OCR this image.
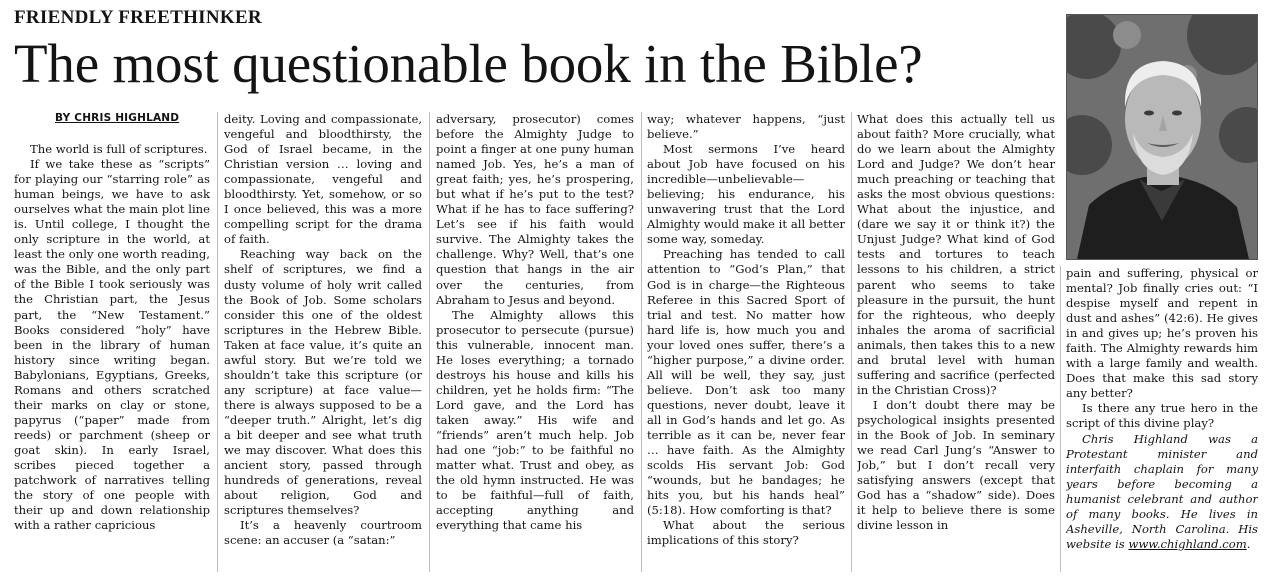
FRIENDLY FREETHINKER
The most questionable book in the Bible?
BY CHRIS HIGHLAND

The world is full of scriptures.

If we take these as “scripts” for playing our “starring role” as human beings, we have to ask ourselves what the main plot line is. Until college, I thought the only scripture in the world, at least the only one worth reading, was the Bible, and the only part of the Bible I took seriously was the Christian part, the Jesus part, the “New Testament.” Books considered “holy” have been in the library of human history since writing began. Babylonians, Egyptians, Greeks, Romans and others scratched their marks on clay or stone, papyrus (“paper” made from reeds) or parchment (sheep or goat skin). In early Israel, scribes pieced together a patchwork of narratives telling the story of one people with their up and down relationship with a rather capricious

deity. Loving and compassionate, vengeful and bloodthirsty, the God of Israel became, in the Christian version … loving and compassionate, vengeful and bloodthirsty. Yet, somehow, or so I once believed, this was a more compelling script for the drama of faith.

Reaching way back on the shelf of scriptures, we find a dusty volume of holy writ called the Book of Job. Some scholars consider this one of the oldest scriptures in the Hebrew Bible. Taken at face value, it’s quite an awful story. But we’re told we shouldn’t take this scripture (or any scripture) at face value—there is always supposed to be a “deeper truth.” Alright, let’s dig a bit deeper and see what truth we may discover. What does this ancient story, passed through hundreds of generations, reveal about religion, God and scriptures themselves?

It’s a heavenly courtroom scene: an accuser (a “satan:”

adversary, prosecutor) comes before the Almighty Judge to point a finger at one puny human named Job. Yes, he’s a man of great faith; yes, he’s prospering, but what if he’s put to the test? What if he has to face suffering? Let’s see if his faith would survive. The Almighty takes the challenge. Why? Well, that’s one question that hangs in the air over the centuries, from Abraham to Jesus and beyond.

The Almighty allows this prosecutor to persecute (pursue) this vulnerable, innocent man. He loses everything; a tornado destroys his house and kills his children, yet he holds firm: “The Lord gave, and the Lord has taken away.” His wife and “friends” aren’t much help. Job had one “job:” to be faithful no matter what. Trust and obey, as the old hymn instructed. He was to be faithful—full of faith, accepting anything and everything that came his

way; whatever happens, “just believe.”

Most sermons I’ve heard about Job have focused on his incredible—unbelievable—believing; his endurance, his unwavering trust that the Lord Almighty would make it all better some way, someday.

Preaching has tended to call attention to “God’s Plan,” that God is in charge—the Righteous Referee in this Sacred Sport of trial and test. No matter how hard life is, how much you and your loved ones suffer, there’s a “higher purpose,” a divine order. All will be well, they say, just believe. Don’t ask too many questions, never doubt, leave it all in God’s hands and let go. As terrible as it can be, never fear … have faith. As the Almighty scolds His servant Job: God “wounds, but he bandages; he hits you, but his hands heal” (5:18). How comforting is that?

What about the serious implications of this story?

What does this actually tell us about faith? More crucially, what do we learn about the Almighty Lord and Judge? We don’t hear much preaching or teaching that asks the most obvious questions: What about the injustice, and (dare we say it or think it?) the Unjust Judge? What kind of God tests and tortures to teach lessons to his children, a strict parent who seems to take pleasure in the pursuit, the hunt for the righteous, who deeply inhales the aroma of sacrificial animals, then takes this to a new and brutal level with human suffering and sacrifice (perfected in the Christian Cross)?

I don’t doubt there may be psychological insights presented in the Book of Job. In seminary we read Carl Jung’s “Answer to Job,” but I don’t recall very satisfying answers (except that God has a “shadow” side). Does it help to believe there is some divine lesson in

pain and suffering, physical or mental? Job finally cries out: “I despise myself and repent in dust and ashes” (42:6). He gives in and gives up; he’s proven his faith. The Almighty rewards him with a large family and wealth. Does that make this sad story any better?

Is there any true hero in the script of this divine play?

Chris Highland was a Protestant minister and interfaith chaplain for many years before becoming a humanist celebrant and author of many books. He lives in Asheville, North Carolina. His website is www.chighland.com.
